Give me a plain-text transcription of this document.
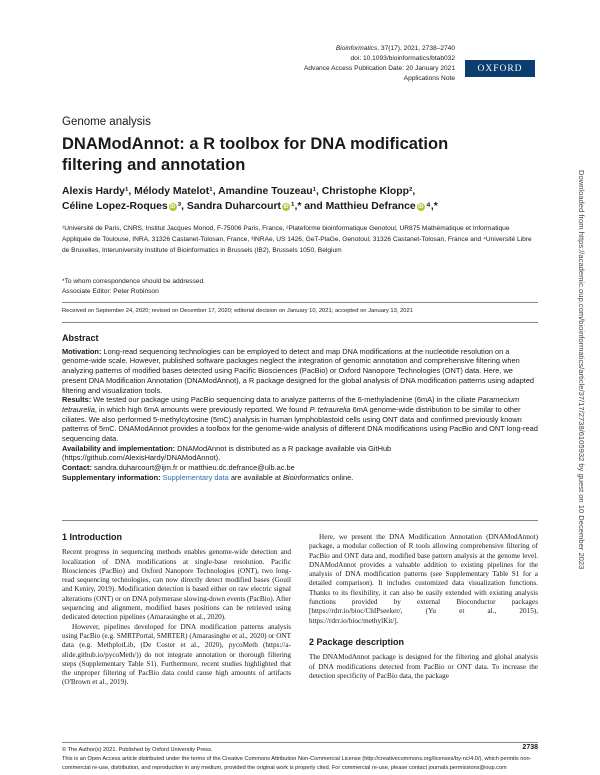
Bioinformatics, 37(17), 2021, 2738–2740
doi: 10.1093/bioinformatics/btab032
Advance Access Publication Date: 20 January 2021
Applications Note
OXFORD
Genome analysis
DNAModAnnot: a R toolbox for DNA modification filtering and annotation
Alexis Hardy¹, Mélody Matelot¹, Amandine Touzeau¹, Christophe Klopp²,
Céline Lopez-Roques iD ³, Sandra Duharcourt iD ¹,* and Matthieu Defrance iD ⁴,*
¹Université de Paris, CNRS, Institut Jacques Monod, F-75006 Paris, France, ²Plateforme bioinformatique Genotoul, UR875 Mathématique et Informatique Appliquée de Toulouse, INRA, 31326 Castanet-Tolosan, France, ³INRAe, US 1426, GeT-PlaGe, Genotoul, 31326 Castanet-Tolosan, France and ⁴Université Libre de Bruxelles, Interuniversity Institute of Bioinformatics in Brussels (IB2), Brussels 1050, Belgium
*To whom correspondence should be addressed.
Associate Editor: Peter Robinson
Received on September 24, 2020; revised on December 17, 2020; editorial decision on January 10, 2021; accepted on January 13, 2021
Abstract

Motivation: Long-read sequencing technologies can be employed to detect and map DNA modifications at the nucleotide resolution on a genome-wide scale. However, published software packages neglect the integration of genomic annotation and comprehensive filtering when analyzing patterns of modified bases detected using Pacific Biosciences (PacBio) or Oxford Nanopore Technologies (ONT) data. Here, we present DNA Modification Annotation (DNAModAnnot), a R package designed for the global analysis of DNA modification patterns using adapted filtering and visualization tools.

Results: We tested our package using PacBio sequencing data to analyze patterns of the 6-methyladenine (6mA) in the ciliate Paramecium tetraurelia, in which high 6mA amounts were previously reported. We found P. tetraurelia 6mA genome-wide distribution to be similar to other ciliates. We also performed 5-methylcytosine (5mC) analysis in human lymphoblastoid cells using ONT data and confirmed previously known patterns of 5mC. DNAModAnnot provides a toolbox for the genome-wide analysis of different DNA modifications using PacBio and ONT long-read sequencing data.

Availability and implementation: DNAModAnnot is distributed as a R package available via GitHub (https://github.com/AlexisHardy/DNAModAnnot).

Contact: sandra.duharcourt@ijm.fr or matthieu.dc.defrance@ulb.ac.be

Supplementary information: Supplementary data are available at Bioinformatics online.

1 Introduction

Recent progress in sequencing methods enables genome-wide detection and localization of DNA modifications at single-base resolution. Pacific Biosciences (PacBio) and Oxford Nanopore Technologies (ONT), two long-read sequencing technologies, can now directly detect modified bases (Gouil and Keniry, 2019). Modification detection is based either on raw electric signal alterations (ONT) or on DNA polymerase slowing-down events (PacBio). After sequencing and alignment, modified bases positions can be retrieved using dedicated detection pipelines (Amarasinghe et al., 2020).

However, pipelines developed for DNA modification patterns analysis using PacBio (e.g. SMRTPortal, SMRTER) (Amarasinghe et al., 2020) or ONT data (e.g. MethplotLib, (De Coster et al., 2020), pycoMeth (https://a-slide.github.io/pycoMeth/)) do not integrate annotation or thorough filtering steps (Supplementary Table S1). Furthermore, recent studies highlighted that the unproper filtering of PacBio data could cause high amounts of artifacts (O'Brown et al., 2019).

Here, we present the DNA Modification Annotation (DNAModAnnot) package, a modular collection of R tools allowing comprehensive filtering of PacBio and ONT data and, modified base pattern analysis at the genome level. DNAModAnnot provides a valuable addition to existing pipelines for the analysis of DNA modification patterns (see Supplementary Table S1 for a detailed comparison). It includes customized data visualization functions. Thanks to its flexibility, it can also be easily extended with existing analysis functions provided by external Bioconductor packages [https://rdrr.io/bioc/ChIPseeker/, (Yu et al., 2015), https://rdrr.io/bioc/methylKit/].

2 Package description

The DNAModAnnot package is designed for the filtering and global analysis of DNA modifications detected from PacBio or ONT data. To increase the detection specificity of PacBio data, the package

© The Author(s) 2021. Published by Oxford University Press.
This is an Open Access article distributed under the terms of the Creative Commons Attribution Non-Commercial License (http://creativecommons.org/licenses/by-nc/4.0/), which permits non-commercial re-use, distribution, and reproduction in any medium, provided the original work is properly cited. For commercial re-use, please contact journals.permissions@oup.com
2738
Downloaded from https://academic.oup.com/bioinformatics/article/37/17/2738/6105932 by guest on 10 December 2023
